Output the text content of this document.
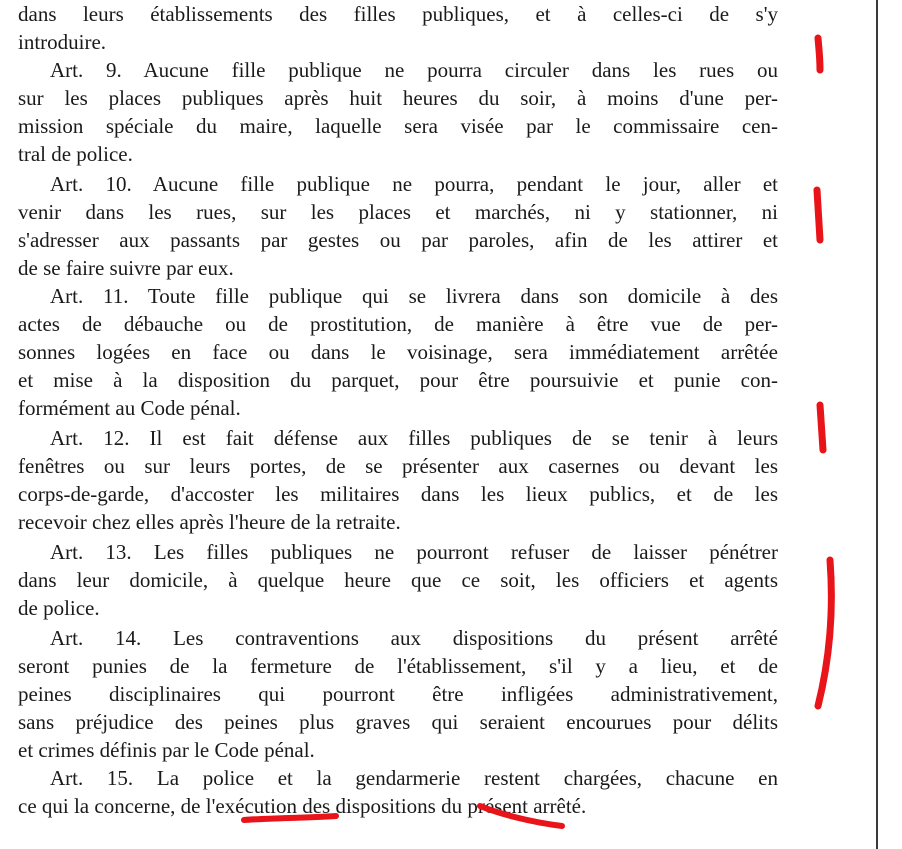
dans leurs établissements des filles publiques, et à celles-ci de s'y
introduire.
Art. 9. Aucune fille publique ne pourra circuler dans les rues ou
sur les places publiques après huit heures du soir, à moins d'une per-
mission spéciale du maire, laquelle sera visée par le commissaire cen-
tral de police.
Art. 10. Aucune fille publique ne pourra, pendant le jour, aller et
venir dans les rues, sur les places et marchés, ni y stationner, ni
s'adresser aux passants par gestes ou par paroles, afin de les attirer et
de se faire suivre par eux.
Art. 11. Toute fille publique qui se livrera dans son domicile à des
actes de débauche ou de prostitution, de manière à être vue de per-
sonnes logées en face ou dans le voisinage, sera immédiatement arrêtée
et mise à la disposition du parquet, pour être poursuivie et punie con-
formément au Code pénal.
Art. 12. Il est fait défense aux filles publiques de se tenir à leurs
fenêtres ou sur leurs portes, de se présenter aux casernes ou devant les
corps-de-garde, d'accoster les militaires dans les lieux publics, et de les
recevoir chez elles après l'heure de la retraite.
Art. 13. Les filles publiques ne pourront refuser de laisser pénétrer
dans leur domicile, à quelque heure que ce soit, les officiers et agents
de police.
Art. 14. Les contraventions aux dispositions du présent arrêté
seront punies de la fermeture de l'établissement, s'il y a lieu, et de
peines disciplinaires qui pourront être infligées administrativement,
sans préjudice des peines plus graves qui seraient encourues pour délits
et crimes définis par le Code pénal.
Art. 15. La police et la gendarmerie restent chargées, chacune en
ce qui la concerne, de l'exécution des dispositions du présent arrêté.
